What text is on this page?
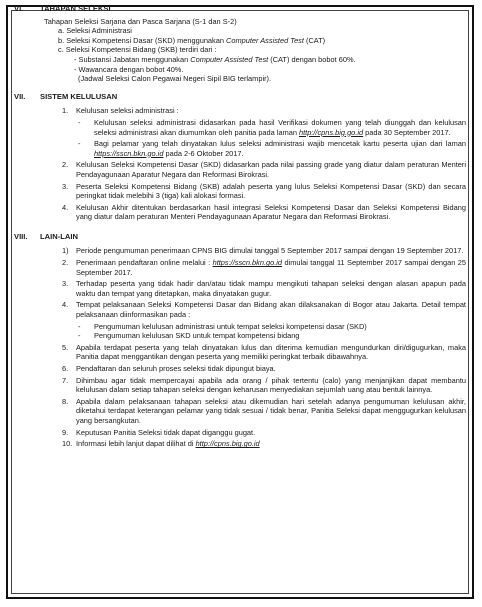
VI. TAHAPAN SELEKSI
Tahapan Seleksi Sarjana dan Pasca Sarjana (S-1 dan S-2)
a. Seleksi Administrasi
b. Seleksi Kompetensi Dasar (SKD) menggunakan Computer Assisted Test (CAT)
c. Seleksi Kompetensi Bidang (SKB) terdiri dari :
- Substansi Jabatan menggunakan Computer Assisted Test (CAT) dengan bobot 60%.
- Wawancara dengan bobot 40%.
(Jadwal Seleksi Calon Pegawai Negeri Sipil BIG terlampir).
VII. SISTEM KELULUSAN
1. Kelulusan seleksi administrasi :
- Kelulusan seleksi administrasi didasarkan pada hasil Verifikasi dokumen yang telah diunggah dan kelulusan seleksi administrasi akan diumumkan oleh panitia pada laman http://cpns.big.go.id pada 30 September 2017.
- Bagi pelamar yang telah dinyatakan lulus seleksi administrasi wajib mencetak kartu peserta ujian dari laman https://sscn.bkn.go.id pada 2-6 Oktober 2017.
2. Kelulusan Seleksi Kompetensi Dasar (SKD) didasarkan pada nilai passing grade yang diatur dalam peraturan Menteri Pendayagunaan Aparatur Negara dan Reformasi Birokrasi.
3. Peserta Seleksi Kompetensi Bidang (SKB) adalah peserta yang lulus Seleksi Kompetensi Dasar (SKD) dan secara peringkat tidak melebihi 3 (tiga) kali alokasi formasi.
4. Kelulusan Akhir ditentukan berdasarkan hasil integrasi Seleksi Kompetensi Dasar dan Seleksi Kompetensi Bidang yang diatur dalam peraturan Menteri Pendayagunaan Aparatur Negara dan Reformasi Birokrasi.
VIII. LAIN-LAIN
1) Periode pengumuman penerimaan CPNS BIG dimulai tanggal 5 September 2017 sampai dengan 19 September 2017.
2. Penerimaan pendaftaran online melalui : https://sscn.bkn.go.id dimulai tanggal 11 September 2017 sampai dengan 25 September 2017.
3. Terhadap peserta yang tidak hadir dan/atau tidak mampu mengikuti tahapan seleksi dengan alasan apapun pada waktu dan tempat yang ditetapkan, maka dinyatakan gugur.
4. Tempat pelaksanaan Seleksi Kompetensi Dasar dan Bidang akan dilaksanakan di Bogor atau Jakarta. Detail tempat pelaksanaan diinformasikan pada :
- Pengumuman kelulusan administrasi untuk tempat seleksi kompetensi dasar (SKD)
- Pengumuman kelulusan SKD untuk tempat kompetensi bidang
5. Apabila terdapat peserta yang telah dinyatakan lulus dan diterima kemudian mengundurkan diri/digugurkan, maka Panitia dapat menggantikan dengan peserta yang memiliki peringkat terbaik dibawahnya.
6. Pendaftaran dan seluruh proses seleksi tidak dipungut biaya.
7. Dihimbau agar tidak mempercayai apabila ada orang / pihak tertentu (calo) yang menjanjikan dapat membantu kelulusan dalam setiap tahapan seleksi dengan keharusan menyediakan sejumlah uang atau bentuk lainnya.
8. Apabila dalam pelaksanaan tahapan seleksi atau dikemudian hari setelah adanya pengumuman kelulusan akhir, diketahui terdapat keterangan pelamar yang tidak sesuai / tidak benar, Panitia Seleksi dapat menggugurkan kelulusan yang bersangkutan.
9. Keputusan Panitia Seleksi tidak dapat diganggu gugat.
10. Informasi lebih lanjut dapat dilihat di http://cpns.big.go.id
